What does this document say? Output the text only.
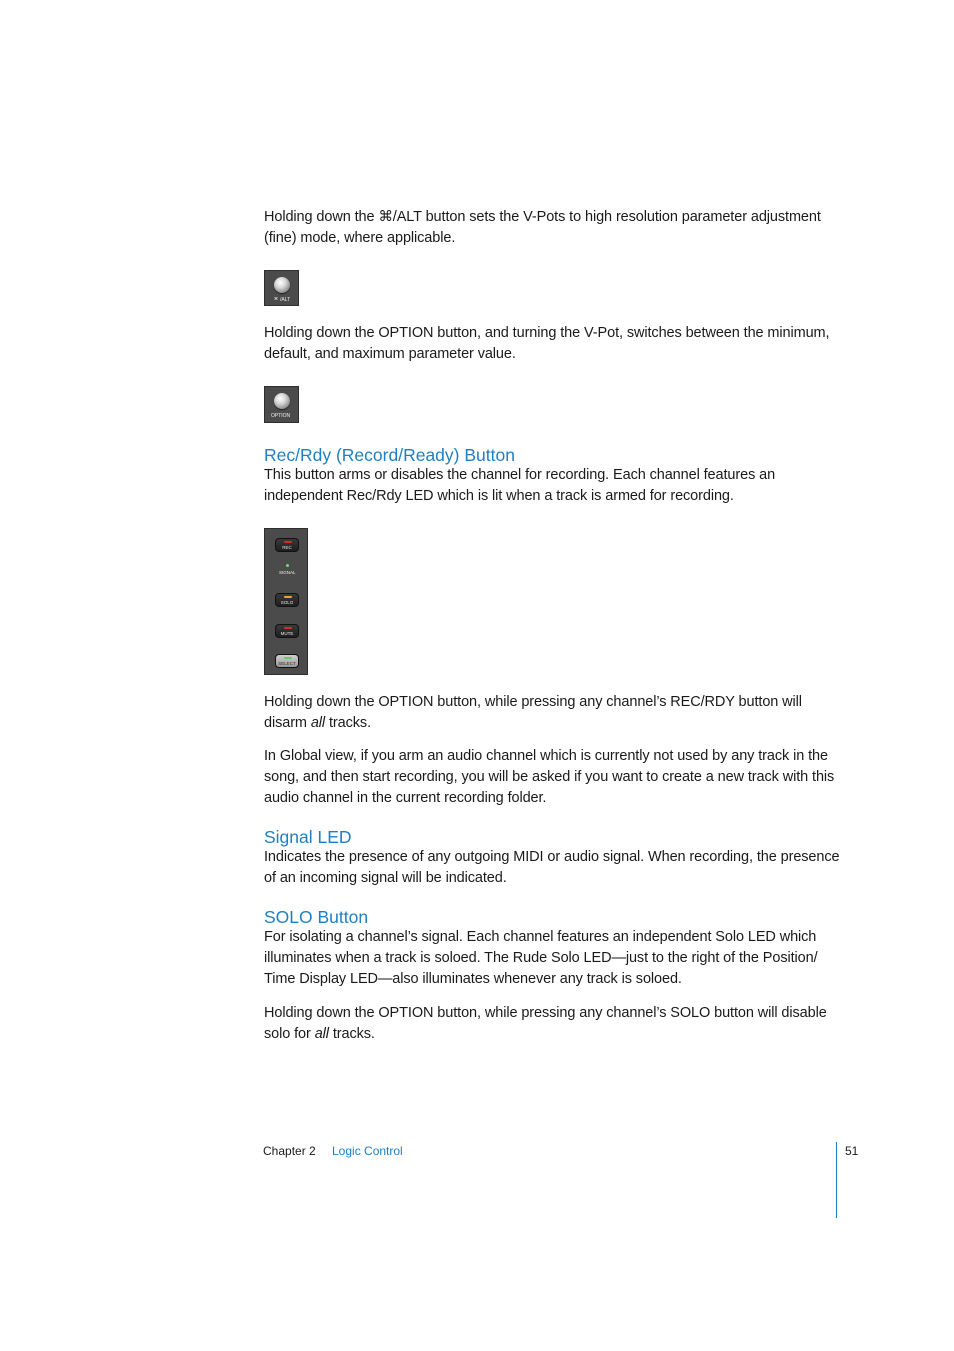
Holding down the ⌘/ALT button sets the V-Pots to high resolution parameter adjustment (fine) mode, where applicable.

⌘ /ALT

Holding down the OPTION button, and turning the V-Pot, switches between the minimum, default, and maximum parameter value.

OPTION
Rec/Rdy (Record/Ready) Button

This button arms or disables the channel for recording. Each channel features an independent Rec/Rdy LED which is lit when a track is armed for recording.

REC
SIGNAL
SOLO
MUTE
SELECT

Holding down the OPTION button, while pressing any channel’s REC/RDY button will disarm all tracks.

In Global view, if you arm an audio channel which is currently not used by any track in the song, and then start recording, you will be asked if you want to create a new track with this audio channel in the current recording folder.

Signal LED

Indicates the presence of any outgoing MIDI or audio signal. When recording, the presence of an incoming signal will be indicated.

SOLO Button

For isolating a channel’s signal. Each channel features an independent Solo LED which illuminates when a track is soloed. The Rude Solo LED—just to the right of the Position/ Time Display LED—also illuminates whenever any track is soloed.

Holding down the OPTION button, while pressing any channel’s SOLO button will disable solo for all tracks.

Chapter 2 Logic Control	51
